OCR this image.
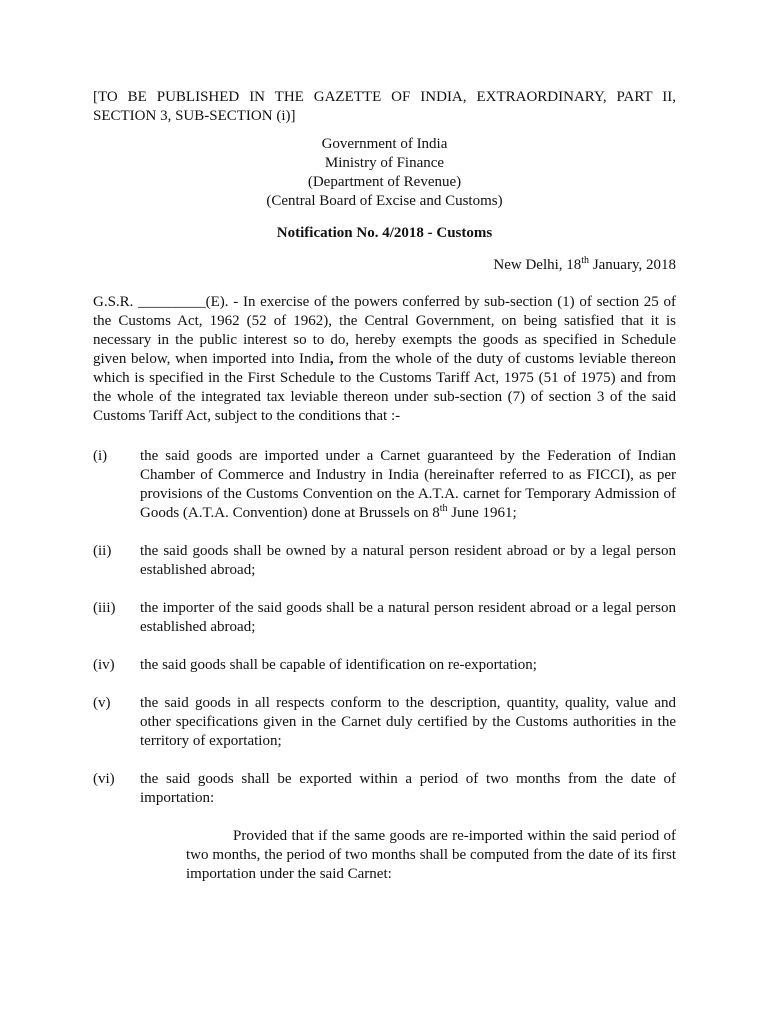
[TO BE PUBLISHED IN THE GAZETTE OF INDIA, EXTRAORDINARY, PART II, SECTION 3, SUB-SECTION (i)]

Government of India
Ministry of Finance
(Department of Revenue)
(Central Board of Excise and Customs)
Notification No. 4/2018 - Customs
New Delhi, 18th January, 2018

G.S.R. _________(E). - In exercise of the powers conferred by sub-section (1) of section 25 of the Customs Act, 1962 (52 of 1962), the Central Government, on being satisfied that it is necessary in the public interest so to do, hereby exempts the goods as specified in Schedule given below, when imported into India, from the whole of the duty of customs leviable thereon which is specified in the First Schedule to the Customs Tariff Act, 1975 (51 of 1975) and from the whole of the integrated tax leviable thereon under sub-section (7) of section 3 of the said Customs Tariff Act, subject to the conditions that :-

(i)	the said goods are imported under a Carnet guaranteed by the Federation of Indian Chamber of Commerce and Industry in India (hereinafter referred to as FICCI), as per provisions of the Customs Convention on the A.T.A. carnet for Temporary Admission of Goods (A.T.A. Convention) done at Brussels on 8th June 1961;
(ii)	the said goods shall be owned by a natural person resident abroad or by a legal person established abroad;
(iii)	the importer of the said goods shall be a natural person resident abroad or a legal person established abroad;
(iv)	the said goods shall be capable of identification on re-exportation;
(v)	the said goods in all respects conform to the description, quantity, quality, value and other specifications given in the Carnet duly certified by the Customs authorities in the territory of exportation;
(vi)	the said goods shall be exported within a period of two months from the date of importation:

Provided that if the same goods are re-imported within the said period of two months, the period of two months shall be computed from the date of its first importation under the said Carnet:
